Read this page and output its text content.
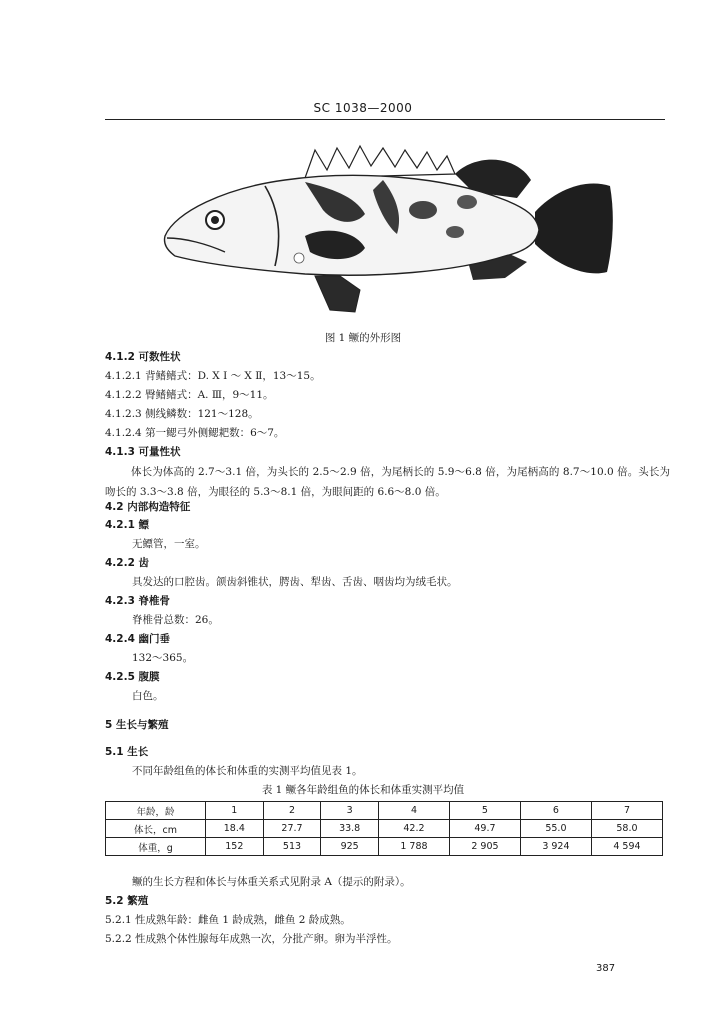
SC 1038—2000
图 1 鳜的外形图
4.1.2 可数性状
4.1.2.1 背鳍鳍式：D. Ⅹ Ⅰ ～ Ⅹ Ⅱ，13～15。
4.1.2.2 臀鳍鳍式：A. Ⅲ，9～11。
4.1.2.3 侧线鳞数：121～128。
4.1.2.4 第一鳃弓外侧鳃耙数：6～7。
4.1.3 可量性状
体长为体高的 2.7～3.1 倍，为头长的 2.5～2.9 倍，为尾柄长的 5.9～6.8 倍，为尾柄高的 8.7～10.0 倍。头长为吻长的 3.3～3.8 倍，为眼径的 5.3～8.1 倍，为眼间距的 6.6～8.0 倍。
4.2 内部构造特征
4.2.1 鳔
无鳔管，一室。
4.2.2 齿
具发达的口腔齿。颌齿斜锥状，腭齿、犁齿、舌齿、咽齿均为绒毛状。
4.2.3 脊椎骨
脊椎骨总数：26。
4.2.4 幽门垂
132～365。
4.2.5 腹膜
白色。
5 生长与繁殖
5.1 生长
不同年龄组鱼的体长和体重的实测平均值见表 1。
表 1 鳜各年龄组鱼的体长和体重实测平均值
年龄，龄	1	2	3	4	5	6	7
体长，cm	18.4	27.7	33.8	42.2	49.7	55.0	58.0
体重，g	152	513	925	1 788	2 905	3 924	4 594
鳜的生长方程和体长与体重关系式见附录 A（提示的附录）。
5.2 繁殖
5.2.1 性成熟年龄：雌鱼 1 龄成熟，雌鱼 2 龄成熟。
5.2.2 性成熟个体性腺每年成熟一次，分批产卵。卵为半浮性。
387
